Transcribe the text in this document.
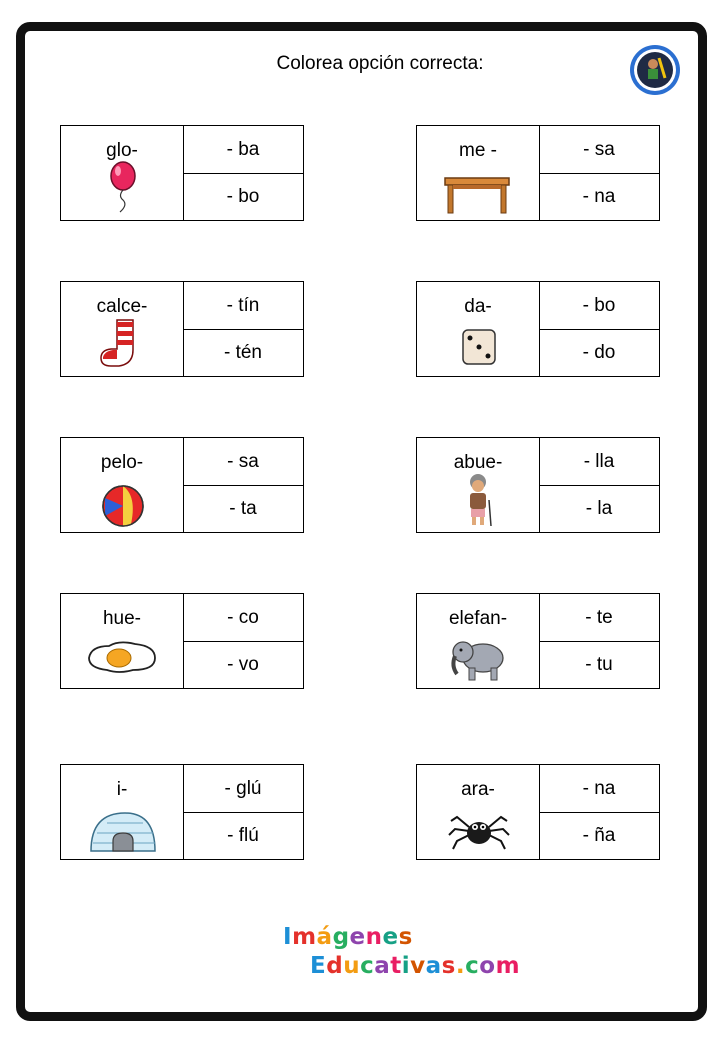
Colorea opción correcta:
glo-	- ba
- bo
me -	- sa
- na
calce-	- tín
- tén
da-	- bo
- do
pelo-	- sa
- ta
abue-	- lla
- la
hue-	- co
- vo
elefan-	- te
- tu
i-	- glú
- flú
ara-	- na
- ña
Imágenes
Educativas.com
